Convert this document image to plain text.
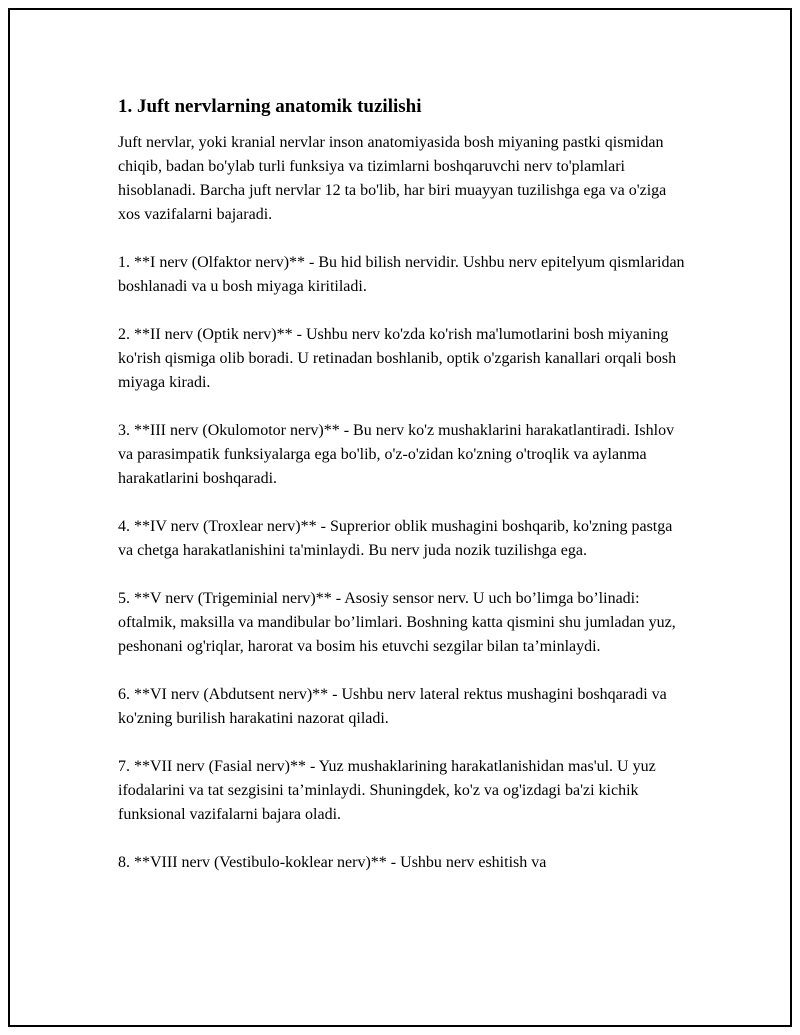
1. Juft nervlarning anatomik tuzilishi

Juft nervlar, yoki kranial nervlar inson anatomiyasida bosh miyaning pastki qismidan chiqib, badan bo'ylab turli funksiya va tizimlarni boshqaruvchi nerv to'plamlari hisoblanadi. Barcha juft nervlar 12 ta bo'lib, har biri muayyan tuzilishga ega va o'ziga xos vazifalarni bajaradi.

1. **I nerv (Olfaktor nerv)** - Bu hid bilish nervidir. Ushbu nerv epitelyum qismlaridan boshlanadi va u bosh miyaga kiritiladi.

2. **II nerv (Optik nerv)** - Ushbu nerv ko'zda ko'rish ma'lumotlarini bosh miyaning ko'rish qismiga olib boradi. U retinadan boshlanib, optik o'zgarish kanallari orqali bosh miyaga kiradi.

3. **III nerv (Okulomotor nerv)** - Bu nerv ko'z mushaklarini harakatlantiradi. Ishlov va parasimpatik funksiyalarga ega bo'lib, o'z-o'zidan ko'zning o'troqlik va aylanma harakatlarini boshqaradi.

4. **IV nerv (Troxlear nerv)** - Suprerior oblik mushagini boshqarib, ko'zning pastga va chetga harakatlanishini ta'minlaydi. Bu nerv juda nozik tuzilishga ega.

5. **V nerv (Trigeminial nerv)** - Asosiy sensor nerv. U uch bo’limga bo’linadi: oftalmik, maksilla va mandibular bo’limlari. Boshning katta qismini shu jumladan yuz, peshonani og'riqlar, harorat va bosim his etuvchi sezgilar bilan ta’minlaydi.

6. **VI nerv (Abdutsent nerv)** - Ushbu nerv lateral rektus mushagini boshqaradi va ko'zning burilish harakatini nazorat qiladi.

7. **VII nerv (Fasial nerv)** - Yuz mushaklarining harakatlanishidan mas'ul. U yuz ifodalarini va tat sezgisini ta’minlaydi. Shuningdek, ko'z va og'izdagi ba'zi kichik funksional vazifalarni bajara oladi.

8. **VIII nerv (Vestibulo-koklear nerv)** - Ushbu nerv eshitish va
